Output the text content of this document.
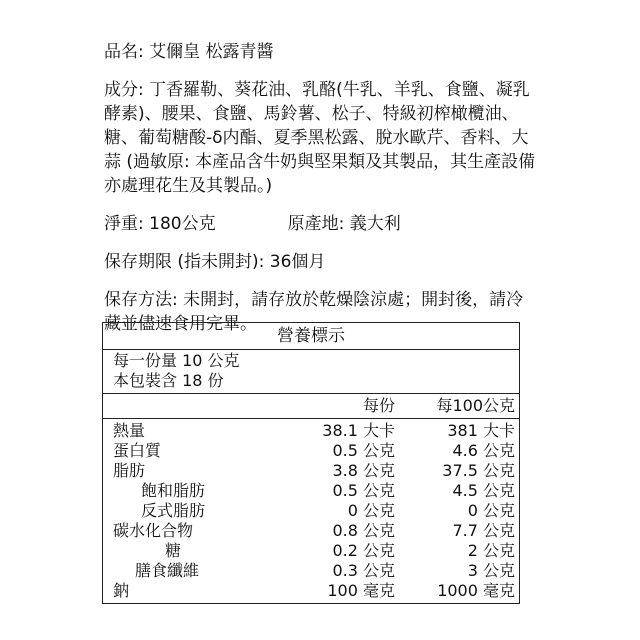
品名: 艾儞皇 松露青醬

成分: 丁香羅勒、葵花油、乳酪(牛乳、羊乳、食鹽、凝乳酵素)、腰果、食鹽、馬鈴薯、松子、特級初榨橄欖油、糖、葡萄糖酸-δ内酯、夏季黑松露、脫水歐芹、香料、大蒜 (過敏原: 本產品含牛奶與堅果類及其製品，其生產設備亦處理花生及其製品。)

淨重: 180公克	原產地: 義大利

保存期限 (指未開封): 36個月

保存方法: 未開封，請存放於乾燥陰涼處；開封後，請冷藏並儘速食用完畢。

營養標示
每一份量 10 公克
本包裝含 18 份
每份	每100公克
熱量	38.1 大卡	381 大卡
蛋白質	0.5 公克	4.6 公克
脂肪	3.8 公克	37.5 公克
飽和脂肪	0.5 公克	4.5 公克
反式脂肪	0 公克	0 公克
碳水化合物	0.8 公克	7.7 公克
糖	0.2 公克	2 公克
膳食纖維	0.3 公克	3 公克
鈉	100 毫克	1000 毫克
